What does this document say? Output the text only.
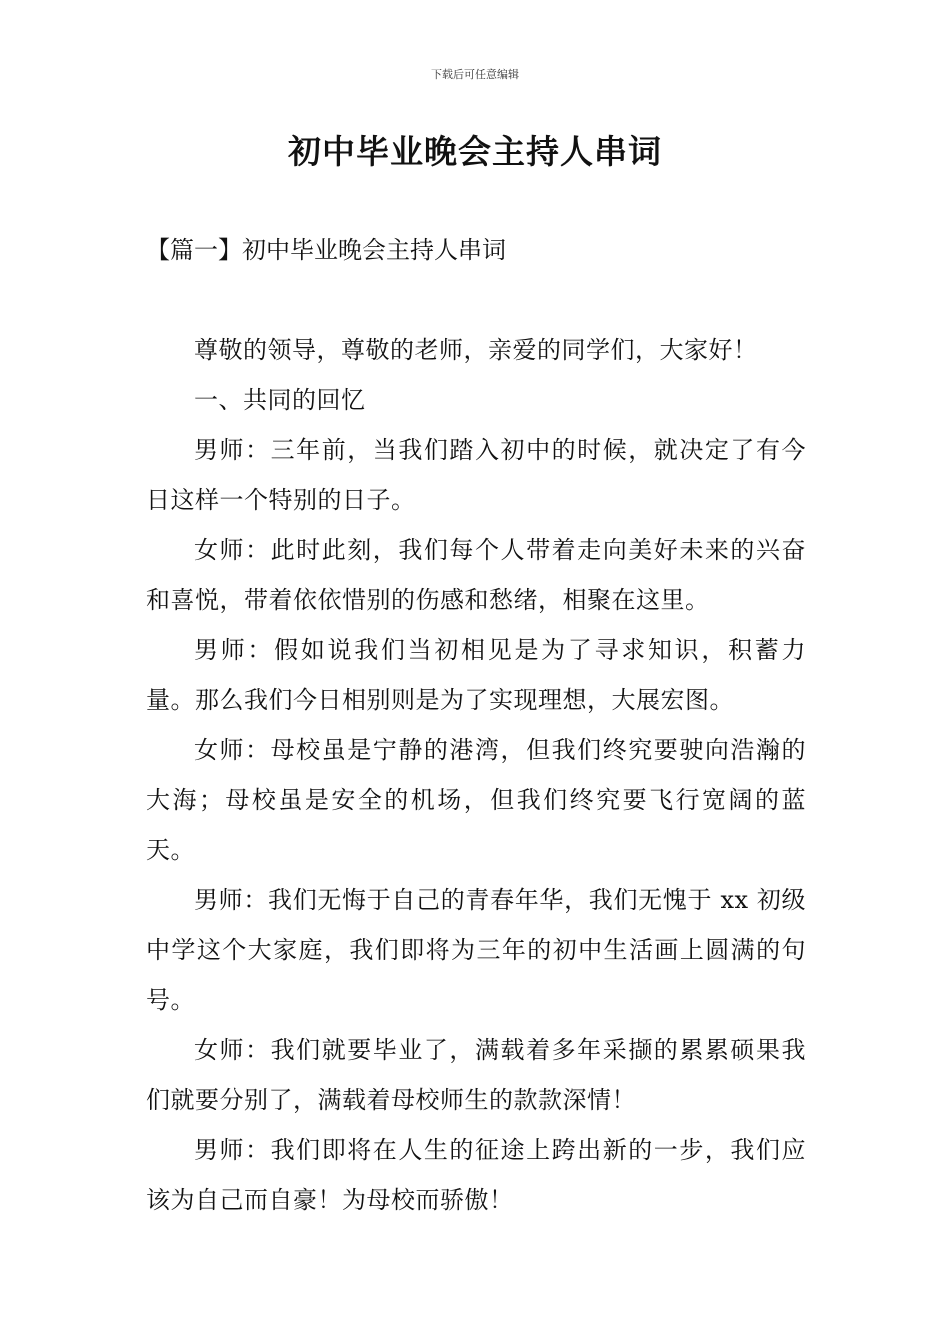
下载后可任意编辑
初中毕业晚会主持人串词
【篇一】初中毕业晚会主持人串词

尊敬的领导，尊敬的老师，亲爱的同学们，大家好！

一、共同的回忆

男师：三年前，当我们踏入初中的时候，就决定了有今日这样一个特别的日子。

女师：此时此刻，我们每个人带着走向美好未来的兴奋和喜悦，带着依依惜别的伤感和愁绪，相聚在这里。

男师：假如说我们当初相见是为了寻求知识，积蓄力量。那么我们今日相别则是为了实现理想，大展宏图。

女师：母校虽是宁静的港湾，但我们终究要驶向浩瀚的大海；母校虽是安全的机场，但我们终究要飞行宽阔的蓝天。

男师：我们无悔于自己的青春年华，我们无愧于 xx 初级中学这个大家庭，我们即将为三年的初中生活画上圆满的句号。

女师：我们就要毕业了，满载着多年采撷的累累硕果我们就要分别了，满载着母校师生的款款深情！

男师：我们即将在人生的征途上跨出新的一步，我们应该为自己而自豪！为母校而骄傲！
